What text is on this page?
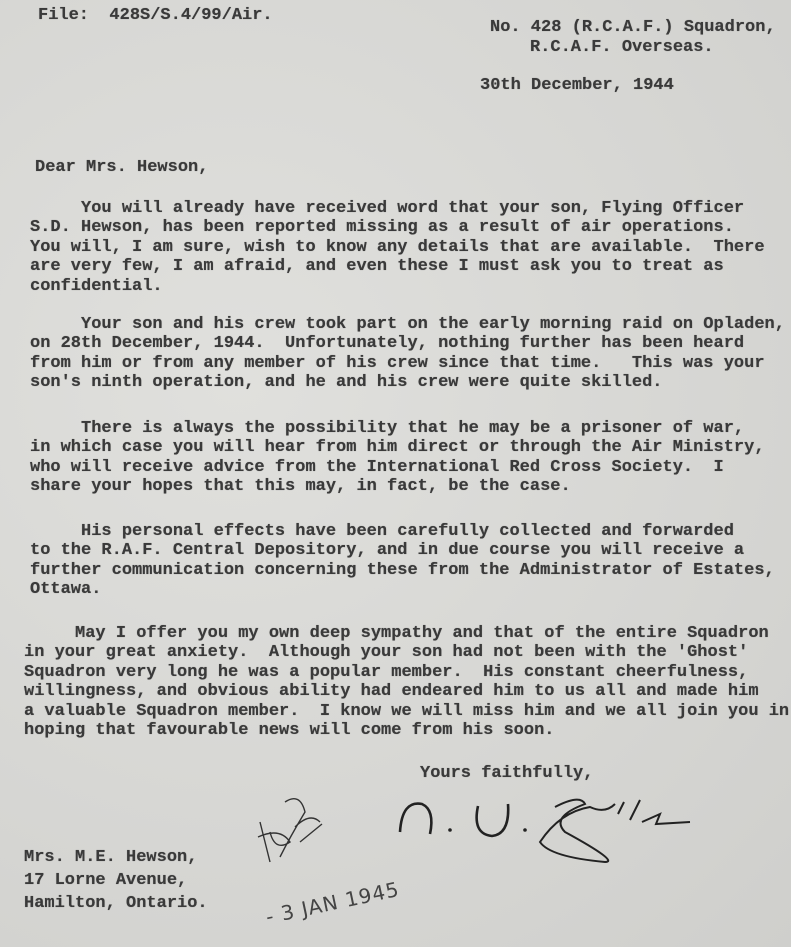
File:  428S/S.4/99/Air.
No. 428 (R.C.A.F.) Squadron,
R.C.A.F. Overseas.
30th December, 1944
Dear Mrs. Hewson,
You will already have received word that your son, Flying Officer
S.D. Hewson, has been reported missing as a result of air operations.
You will, I am sure, wish to know any details that are available.  There
are very few, I am afraid, and even these I must ask you to treat as
confidential.
Your son and his crew took part on the early morning raid on Opladen,
on 28th December, 1944.  Unfortunately, nothing further has been heard
from him or from any member of his crew since that time.   This was your
son's ninth operation, and he and his crew were quite skilled.
There is always the possibility that he may be a prisoner of war,
in which case you will hear from him direct or through the Air Ministry,
who will receive advice from the International Red Cross Society.  I
share your hopes that this may, in fact, be the case.
His personal effects have been carefully collected and forwarded
to the R.A.F. Central Depository, and in due course you will receive a
further communication concerning these from the Administrator of Estates,
Ottawa.
May I offer you my own deep sympathy and that of the entire Squadron
in your great anxiety.  Although your son had not been with the 'Ghost'
Squadron very long he was a popular member.  His constant cheerfulness,
willingness, and obvious ability had endeared him to us all and made him
a valuable Squadron member.  I know we will miss him and we all join you in
hoping that favourable news will come from his soon.
Yours faithfully,
Mrs. M.E. Hewson,
17 Lorne Avenue,
Hamilton, Ontario.	- 3 JAN 1945
